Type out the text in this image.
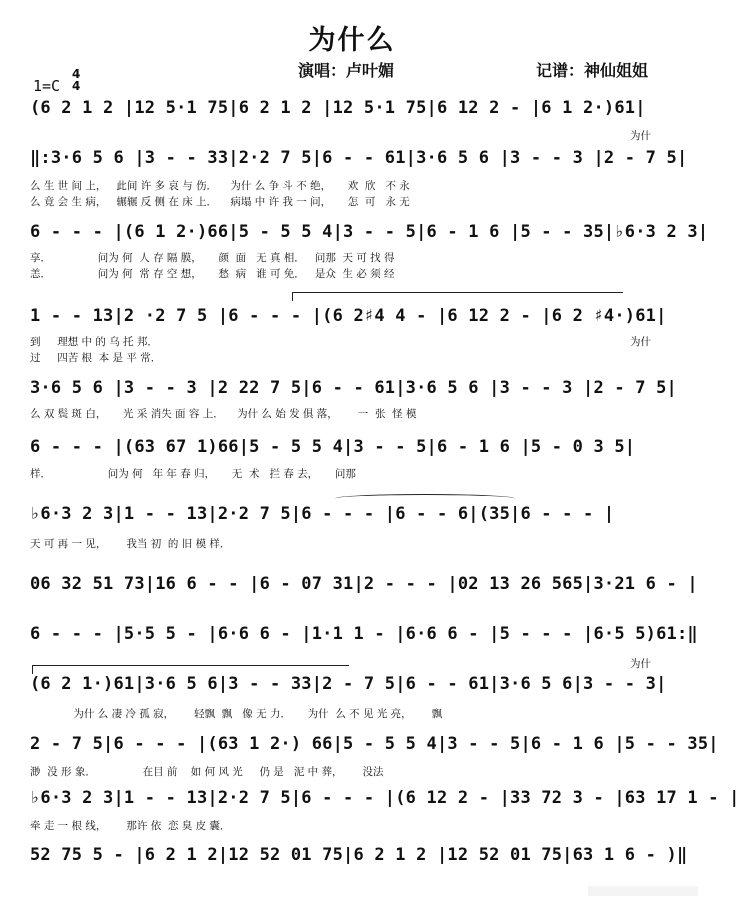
为什么
演唱：卢叶媚	记谱：神仙姐姐
1=C
4
4
(6 2 1 2 |12 5·1 75|6 2 1 2 |12 5·1 75|6 12 2 - |6 1 2·)61|
为什
‖:3·6 5 6 |3 - - 33|2·2 7 5|6 - - 61|3·6 5 6 |3 - - 3 |2 - 7 5|
么 生 世 间 上，   此间 许 多 哀 与 伤．    为什 么 争 斗 不 绝，     欢  欣   不 永
么 竟 会 生 病，   辗辗 反 侧 在 床 上．    病塌 中 许 我 一 问，     怎  可   永 无
6 - - - |(6 1 2·)66|5 - 5 5 4|3 - - 5|6 - 1 6 |5 - - 35|♭6·3 2 3|
享．              问为 何  人 存 隔 膜，     颜  面   无 真 相．   问那  天 可 找 得
恙．              问为 何  常 存 空 想，     愁  病   谁 可 免．   是众  生 必 须 经
1 - - 13|2 ·2 7 5 |6 - - - |(6 2♯4 4 - |6 12 2 - |6 2 ♯4·)61|
到     理想 中 的 乌 托 邦．
过     四苦 根  本 是 平 常．
为什
3·6 5 6 |3 - - 3 |2 22 7 5|6 - - 61|3·6 5 6 |3 - - 3 |2 - 7 5|
么 双 鬓 斑 白，     光 采 消失 面 容 上．    为什 么 始 发 俱 落，      一  张  怪 模
6 - - - |(63 67 1)66|5 - 5 5 4|3 - - 5|6 - 1 6 |5 - 0 3 5|
样．                 问为 何   年 年 春 归，     无  术   拦 春 去，     问那
♭6·3 2 3|1 - - 13|2·2 7 5|6 - - - |6 - - 6|(35|6 - - - |
天 可 再 一 见，      我当 初  的 旧 模 样．
06 32 51 73|16 6 - - |6 - 07 31|2 - - - |02 13 26 565|3·21 6 - |
6 - - - |5·5 5 - |6·6 6 - |1·1 1 - |6·6 6 - |5 - - - |6·5 5)61:‖
为什
(6 2 1·)61|3·6 5 6|3 - - 33|2 - 7 5|6 - - 61|3·6 5 6|3 - - 3|
为什 么 凄 冷 孤 寂，      轻飘  飘   像 无 力．     为什  么 不 见 光 亮，      飘
2 - 7 5|6 - - - |(63 1 2·) 66|5 - 5 5 4|3 - - 5|6 - 1 6 |5 - - 35|
渺  没 形 象．              在目 前    如 何 风 光     仍 是   泥 中 葬，      没法
♭6·3 2 3|1 - - 13|2·2 7 5|6 - - - |(6 12 2 - |33 72 3 - |63 17 1 - |
牵 走 一 根 线，      那许 依  恋 臭 皮 囊．
52 75 5 - |6 2 1 2|12 52 01 75|6 2 1 2 |12 52 01 75|63 1 6 - )‖
